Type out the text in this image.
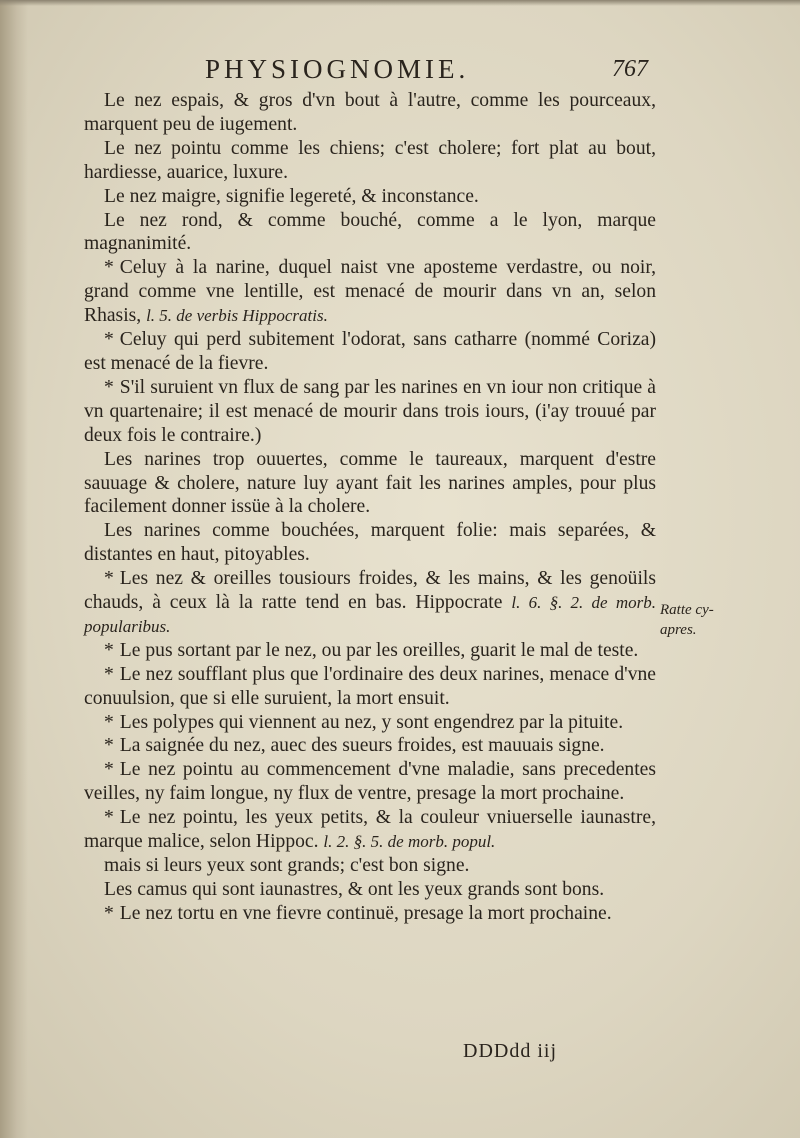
PHYSIOGNOMIE.	767

Le nez espais, & gros d'vn bout à l'autre, comme les pourceaux, marquent peu de iugement.

Le nez pointu comme les chiens; c'est cholere; fort plat au bout, hardiesse, auarice, luxure.

Le nez maigre, signifie legereté, & inconstance.

Le nez rond, & comme bouché, comme a le lyon, marque magnanimité.

* Celuy à la narine, duquel naist vne aposteme verdastre, ou noir, grand comme vne lentille, est menacé de mourir dans vn an, selon Rhasis, l. 5. de verbis Hippocratis.

* Celuy qui perd subitement l'odorat, sans catharre (nommé Coriza) est menacé de la fievre.

* S'il suruient vn flux de sang par les narines en vn iour non critique à vn quartenaire; il est menacé de mourir dans trois iours, (i'ay trouué par deux fois le contraire.)

Les narines trop ouuertes, comme le taureaux, marquent d'estre sauuage & cholere, nature luy ayant fait les narines amples, pour plus facilement donner issüe à la cholere.

Les narines comme bouchées, marquent folie: mais separées, & distantes en haut, pitoyables.

* Les nez & oreilles tousiours froides, & les mains, & les genoüils chauds, à ceux là la ratte tend en bas. Hippocrate l. 6. §. 2. de morb. popularibus.

* Le pus sortant par le nez, ou par les oreilles, guarit le mal de teste.

* Le nez soufflant plus que l'ordinaire des deux narines, menace d'vne conuulsion, que si elle suruient, la mort ensuit.

* Les polypes qui viennent au nez, y sont engendrez par la pituite.

* La saignée du nez, auec des sueurs froides, est mauuais signe.

* Le nez pointu au commencement d'vne maladie, sans precedentes veilles, ny faim longue, ny flux de ventre, presage la mort prochaine.

* Le nez pointu, les yeux petits, & la couleur vniuerselle iaunastre, marque malice, selon Hippoc. l. 2. §. 5. de morb. popul.

mais si leurs yeux sont grands; c'est bon signe.

Les camus qui sont iaunastres, & ont les yeux grands sont bons.

* Le nez tortu en vne fievre continuë, presage la mort prochaine.

Ratte cy-apres.
DDDdd iij
